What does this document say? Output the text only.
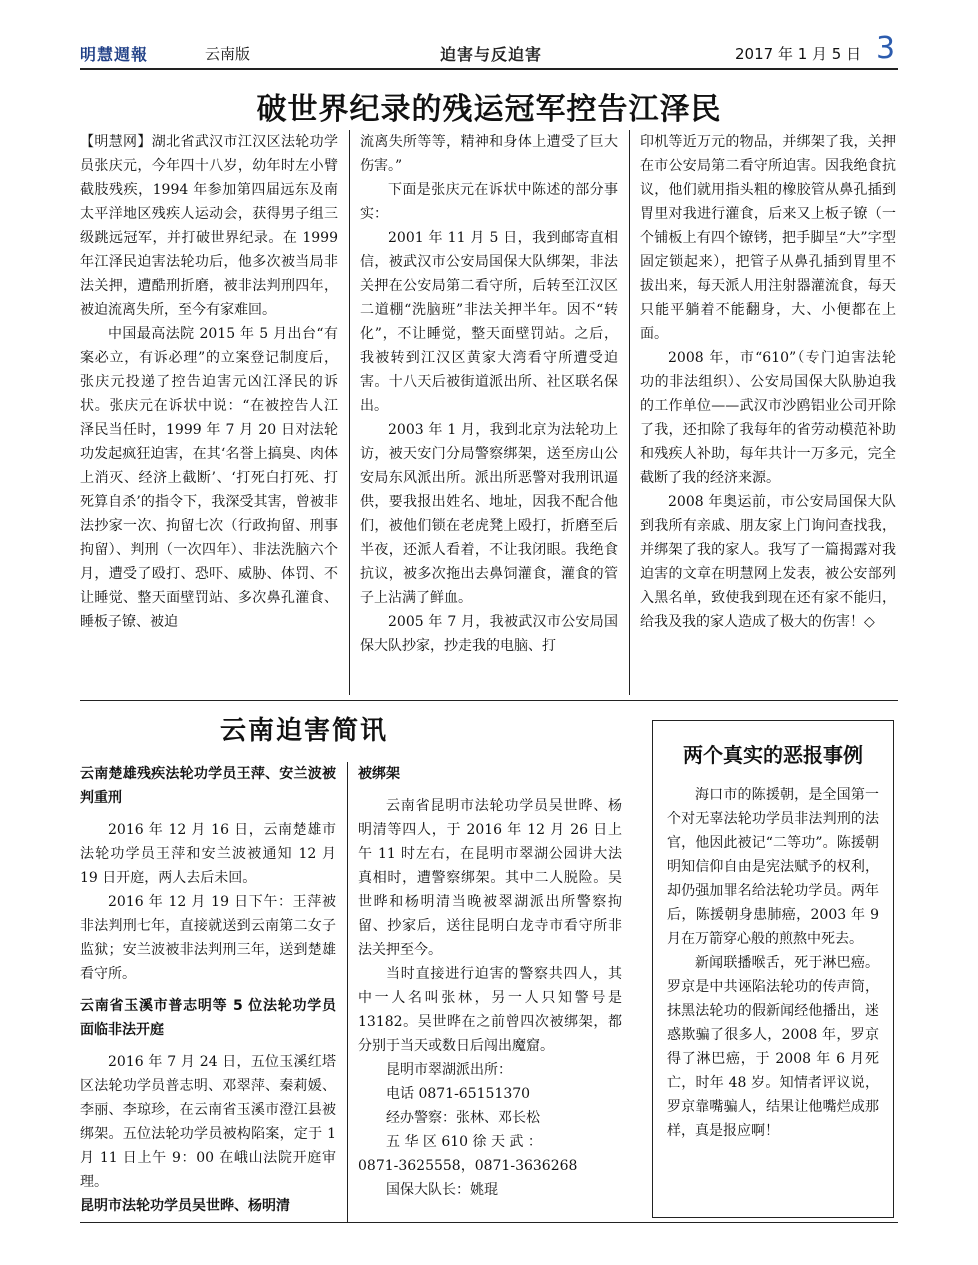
明慧週報	云南版	迫害与反迫害	2017 年 1 月 5 日 3
破世界纪录的残运冠军控告江泽民

【明慧网】湖北省武汉市江汉区法轮功学员张庆元，今年四十八岁，幼年时左小臂截肢残疾，1994 年参加第四届远东及南太平洋地区残疾人运动会，获得男子组三级跳远冠军，并打破世界纪录。在 1999 年江泽民迫害法轮功后，他多次被当局非法关押，遭酷刑折磨，被非法判刑四年，被迫流离失所，至今有家难回。

中国最高法院 2015 年 5 月出台“有案必立，有诉必理”的立案登记制度后，张庆元投递了控告迫害元凶江泽民的诉状。张庆元在诉状中说：“在被控告人江泽民当任时，1999 年 7 月 20 日对法轮功发起疯狂迫害，在其‘名誉上搞臭、肉体上消灭、经济上截断’、‘打死白打死、打死算自杀’的指令下，我深受其害，曾被非法抄家一次、拘留七次（行政拘留、刑事拘留）、判刑（一次四年）、非法洗脑六个月，遭受了殴打、恐吓、威胁、体罚、不让睡觉、整天面壁罚站、多次鼻孔灌食、睡板子镣、被迫

流离失所等等，精神和身体上遭受了巨大伤害。”

下面是张庆元在诉状中陈述的部分事实：

2001 年 11 月 5 日，我到邮寄直相信，被武汉市公安局国保大队绑架，非法关押在公安局第二看守所，后转至江汉区二道棚“洗脑班”非法关押半年。因不“转化”，不让睡觉，整天面壁罚站。之后，我被转到江汉区黄家大湾看守所遭受迫害。十八天后被街道派出所、社区联名保出。

2003 年 1 月，我到北京为法轮功上访，被天安门分局警察绑架，送至房山公安局东风派出所。派出所恶警对我刑讯逼供，要我报出姓名、地址，因我不配合他们，被他们锁在老虎凳上殴打，折磨至后半夜，还派人看着，不让我闭眼。我绝食抗议，被多次拖出去鼻饲灌食，灌食的管子上沾满了鲜血。

2005 年 7 月，我被武汉市公安局国保大队抄家，抄走我的电脑、打

印机等近万元的物品，并绑架了我，关押在市公安局第二看守所迫害。因我绝食抗议，他们就用指头粗的橡胶管从鼻孔插到胃里对我进行灌食，后来又上板子镣（一个铺板上有四个镣铐，把手脚呈“大”字型固定锁起来），把管子从鼻孔插到胃里不拔出来，每天派人用注射器灌流食，每天只能平躺着不能翻身，大、小便都在上面。

2008 年，市“610”（专门迫害法轮功的非法组织）、公安局国保大队胁迫我的工作单位——武汉市沙鸥铝业公司开除了我，还扣除了我每年的省劳动模范补助和残疾人补助，每年共计一万多元，完全截断了我的经济来源。

2008 年奥运前，市公安局国保大队到我所有亲戚、朋友家上门询问查找我，并绑架了我的家人。我写了一篇揭露对我迫害的文章在明慧网上发表，被公安部列入黑名单，致使我到现在还有家不能归，给我及我的家人造成了极大的伤害！◇

云南迫害简讯

云南楚雄残疾法轮功学员王萍、安兰波被判重刑

2016 年 12 月 16 日，云南楚雄市法轮功学员王萍和安兰波被通知 12 月 19 日开庭，两人去后未回。

2016 年 12 月 19 日下午：王萍被非法判刑七年，直接就送到云南第二女子监狱；安兰波被非法判刑三年，送到楚雄看守所。

云南省玉溪市普志明等 5 位法轮功学员面临非法开庭

2016 年 7 月 24 日，五位玉溪红塔区法轮功学员普志明、邓翠萍、秦莉媛、李丽、李琼珍，在云南省玉溪市澄江县被绑架。五位法轮功学员被构陷案，定于 1 月 11 日上午 9：00 在峨山法院开庭审理。

昆明市法轮功学员吴世晔、杨明清

被绑架

云南省昆明市法轮功学员吴世晔、杨明清等四人，于 2016 年 12 月 26 日上午 11 时左右，在昆明市翠湖公园讲大法真相时，遭警察绑架。其中二人脱险。吴世晔和杨明清当晚被翠湖派出所警察拘留、抄家后，送往昆明白龙寺市看守所非法关押至今。

当时直接进行迫害的警察共四人，其中一人名叫张林，另一人只知警号是 13182。吴世晔在之前曾四次被绑架，都分别于当天或数日后闯出魔窟。

昆明市翠湖派出所：

电话 0871-65151370

经办警察：张林、邓长松

五 华 区 610 徐 天 武 ：

0871-3625558，0871-3636268

国保大队长：姚琨

两个真实的恶报事例

海口市的陈援朝，是全国第一个对无辜法轮功学员非法判刑的法官，他因此被记“二等功”。陈援朝明知信仰自由是宪法赋予的权利，却仍强加罪名给法轮功学员。两年后，陈援朝身患肺癌，2003 年 9 月在万箭穿心般的煎熬中死去。

新闻联播喉舌，死于淋巴癌。罗京是中共诬陷法轮功的传声筒，抹黑法轮功的假新闻经他播出，迷惑欺骗了很多人，2008 年，罗京得了淋巴癌，于 2008 年 6 月死亡，时年 48 岁。知情者评议说，罗京靠嘴骗人，结果让他嘴烂成那样，真是报应啊！
